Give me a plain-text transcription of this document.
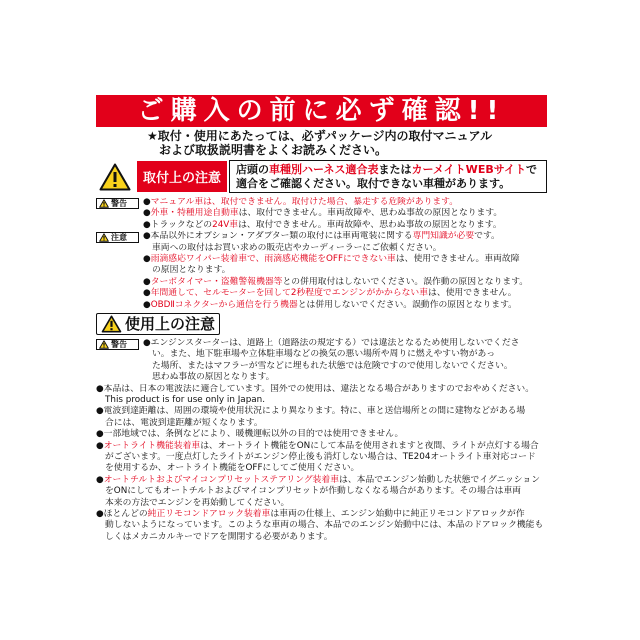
ご購入の前に必ず確認!!
★取付・使用にあたっては、必ずパッケージ内の取付マニュアル
および取扱説明書をよくお読みください。
取付上の注意
店頭の車種別ハーネス適合表またはカーメイトWEBサイトで
適合をご確認ください。取付できない車種があります。
警告 ●マニュアル車は、取付できません。取付けた場合、暴走する危険があります。
●外車・特種用途自動車は、取付できません。車両故障や、思わぬ事故の原因となります。
●トラックなどの24V車は、取付できません。車両故障や、思わぬ事故の原因となります。
注意 ●本品以外にオプション・アダプター類の取付には車両電装に関する専門知識が必要です。
車両への取付はお買い求めの販売店やカーディーラーにご依頼ください。
●雨滴感応ワイパー装着車で、雨滴感応機能をOFFにできない車は、使用できません。車両故障
の原因となります。
●ターボタイマー・盗難警報機器等との併用取付はしないでください。誤作動の原因となります。
●年間通して、セルモーターを回して2秒程度でエンジンがかからない車は、使用できません。
●OBDⅡコネクターから通信を行う機器とは併用しないでください。誤動作の原因となります。
使用上の注意
警告 ●エンジンスターターは、道路上（道路法の規定する）では違法となるため使用しないでくださ
い。また、地下駐車場や立体駐車場などの換気の悪い場所や周りに燃えやすい物があっ
た場所、またはマフラーが雪などに埋もれた状態では危険ですので使用しないでください。
思わぬ事故の原因となります。
●本品は、日本の電波法に適合しています。国外での使用は、違法となる場合がありますのでおやめください。
This product is for use only in Japan.
●電波到達距離は、周囲の環境や使用状況により異なります。特に、車と送信場所との間に建物などがある場
合には、電波到達距離が短くなります。
●一部地域では、条例などにより、暖機運転以外の目的では使用できません。
●オートライト機能装着車は、オートライト機能をONにして本品を使用されますと夜間、ライトが点灯する場合
がございます。一度点灯したライトがエンジン停止後も消灯しない場合は、TE204オートライト車対応コード
を使用するか、オートライト機能をOFFにしてご使用ください。
●オートチルトおよびマイコンプリセットステアリング装着車は、本品でエンジン始動した状態でイグニッション
をONにしてもオートチルトおよびマイコンプリセットが作動しなくなる場合があります。その場合は車両
本来の方法でエンジンを再始動してください。
●ほとんどの純正リモコンドアロック装着車は車両の仕様上、エンジン始動中に純正リモコンドアロックが作
動しないようになっています。このような車両の場合、本品でのエンジン始動中には、本品のドアロック機能も
しくはメカニカルキーでドアを開閉する必要があります。
